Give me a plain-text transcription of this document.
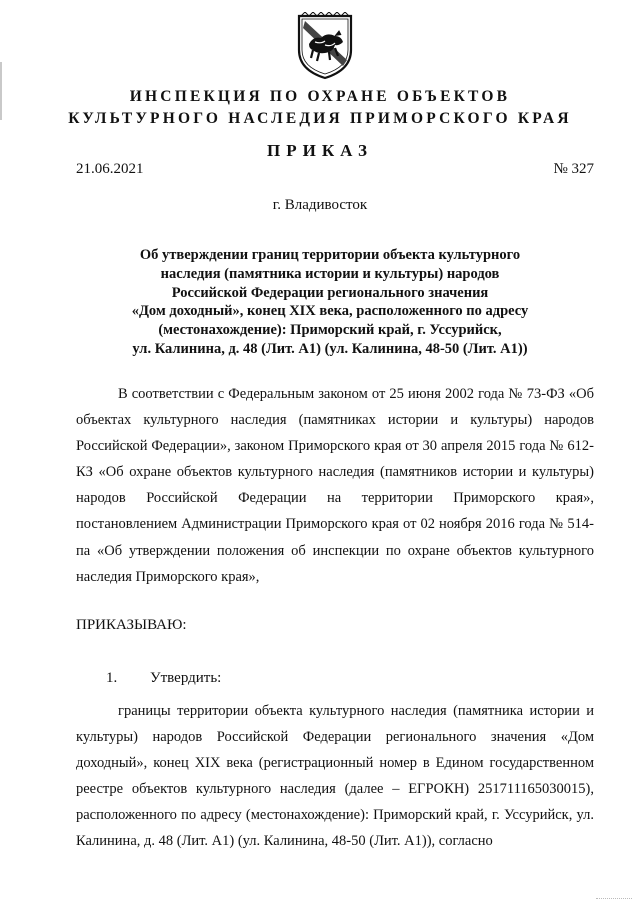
ИНСПЕКЦИЯ ПО ОХРАНЕ ОБЪЕКТОВ
КУЛЬТУРНОГО НАСЛЕДИЯ ПРИМОРСКОГО КРАЯ
ПРИКАЗ
21.06.2021	№ 327
г. Владивосток
Об утверждении границ территории объекта культурного
наследия (памятника истории и культуры) народов
Российской Федерации регионального значения
«Дом доходный», конец XIX века, расположенного по адресу
(местонахождение): Приморский край, г. Уссурийск,
ул. Калинина, д. 48 (Лит. А1) (ул. Калинина, 48-50 (Лит. А1))
В соответствии с Федеральным законом от 25 июня 2002 года № 73-ФЗ «Об объектах культурного наследия (памятниках истории и культуры) народов Российской Федерации», законом Приморского края от 30 апреля 2015 года № 612-КЗ «Об охране объектов культурного наследия (памятников истории и культуры) народов Российской Федерации на территории Приморского края», постановлением Администрации Приморского края от 02 ноября 2016 года № 514-па «Об утверждении положения об инспекции по охране объектов культурного наследия Приморского края»,
ПРИКАЗЫВАЮ:
1. Утвердить:
границы территории объекта культурного наследия (памятника истории и культуры) народов Российской Федерации регионального значения «Дом доходный», конец XIX века (регистрационный номер в Едином государственном реестре объектов культурного наследия (далее – ЕГРОКН) 251711165030015), расположенного по адресу (местонахождение): Приморский край, г. Уссурийск, ул. Калинина, д. 48 (Лит. А1) (ул. Калинина, 48-50 (Лит. А1)), согласно
